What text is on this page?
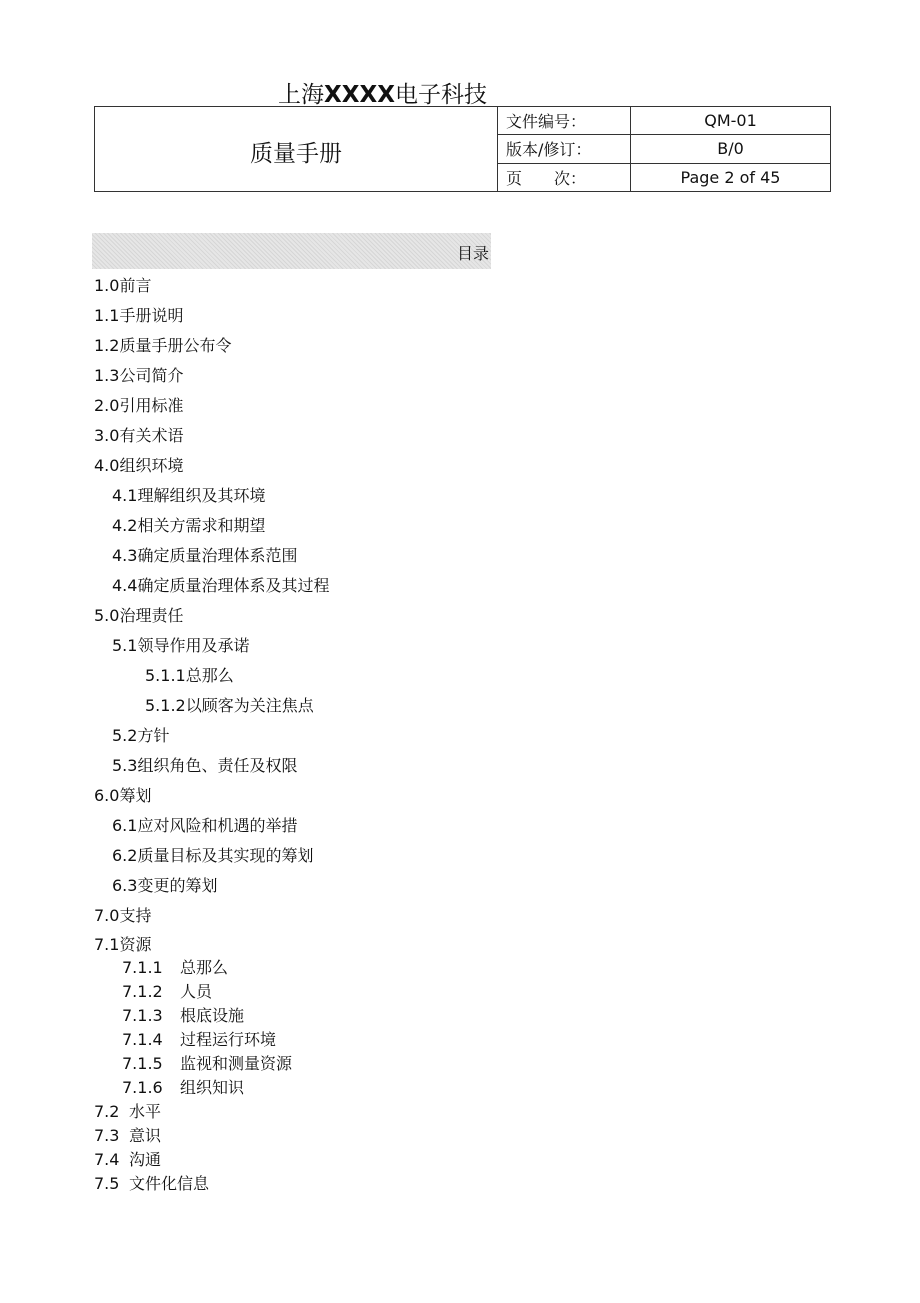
上海XXXX电子科技
质量手册	文件编号：	QM-01
	版本/修订：	B/0
	页　　次：	Page 2 of 45
目录
1.0前言
1.1手册说明
1.2质量手册公布令
1.3公司简介
2.0引用标准
3.0有关术语
4.0组织环境
4.1理解组织及其环境
4.2相关方需求和期望
4.3确定质量治理体系范围
4.4确定质量治理体系及其过程
5.0治理责任
5.1领导作用及承诺
5.1.1总那么
5.1.2以顾客为关注焦点
5.2方针
5.3组织角色、责任及权限
6.0筹划
6.1应对风险和机遇的举措
6.2质量目标及其实现的筹划
6.3变更的筹划
7.0支持
7.1资源
7.1.1 总那么
7.1.2 人员
7.1.3 根底设施
7.1.4 过程运行环境
7.1.5 监视和测量资源
7.1.6 组织知识
7.2 水平
7.3 意识
7.4 沟通
7.5 文件化信息
